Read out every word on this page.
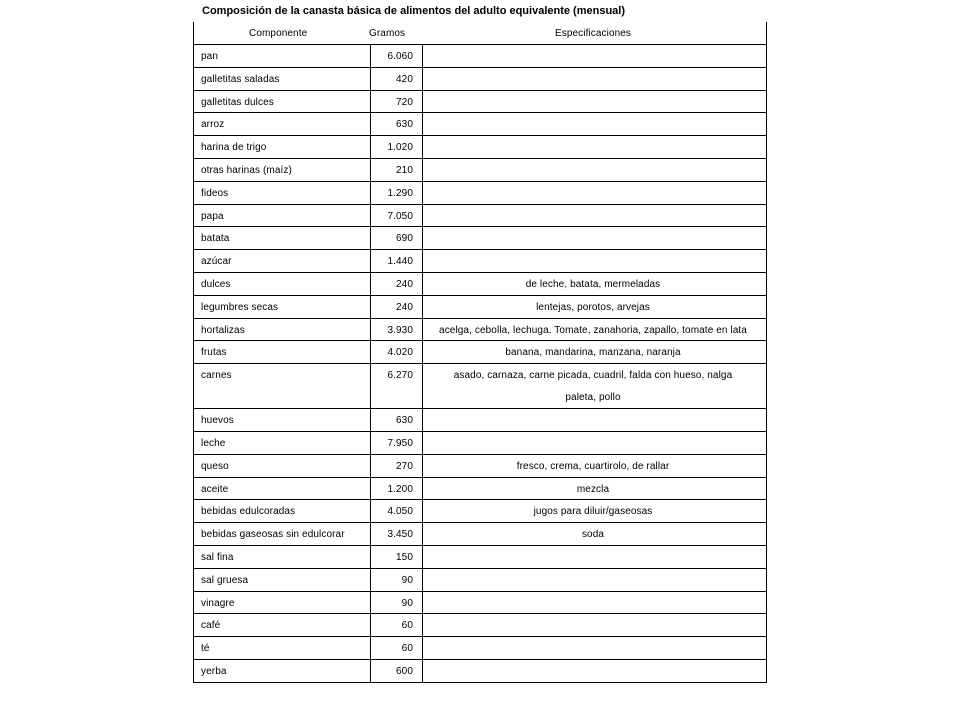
Composición de la canasta básica de alimentos del adulto equivalente (mensual)
Componente	Gramos	Especificaciones
pan	6.060
galletitas saladas	420
galletitas dulces	720
arroz	630
harina de trigo	1.020
otras harinas (maíz)	210
fideos	1.290
papa	7.050
batata	690
azúcar	1.440
dulces	240	de leche, batata, mermeladas
legumbres secas	240	lentejas, porotos, arvejas
hortalizas	3.930	acelga, cebolla, lechuga. Tomate, zanahoria, zapallo, tomate en lata
frutas	4.020	banana, mandarina, manzana, naranja
carnes	6.270	asado, carnaza, carne picada, cuadril, falda con hueso, nalga
paleta, pollo
huevos	630
leche	7.950
queso	270	fresco, crema, cuartirolo, de rallar
aceite	1.200	mezcla
bebidas edulcoradas	4.050	jugos para diluir/gaseosas
bebidas gaseosas sin edulcorar	3.450	soda
sal fina	150
sal gruesa	90
vinagre	90
café	60
té	60
yerba	600
